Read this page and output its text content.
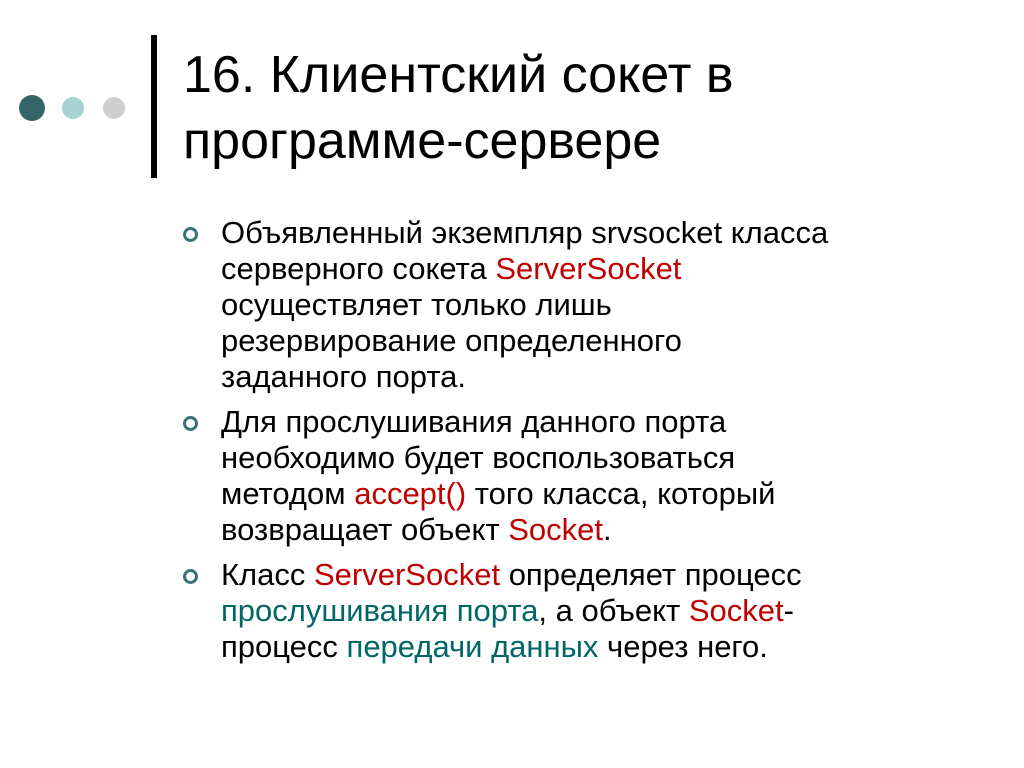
16. Клиентский сокет в
программе-сервере
Объявленный экземпляр srvsocket класса
серверного сокета ServerSocket
осуществляет только лишь
резервирование определенного
заданного порта.
Для прослушивания данного порта
необходимо будет воспользоваться
методом accept() того класса, который
возвращает объект Socket.
Класс ServerSocket определяет процесс
прослушивания порта, а объект Socket-
процесс передачи данных через него.
